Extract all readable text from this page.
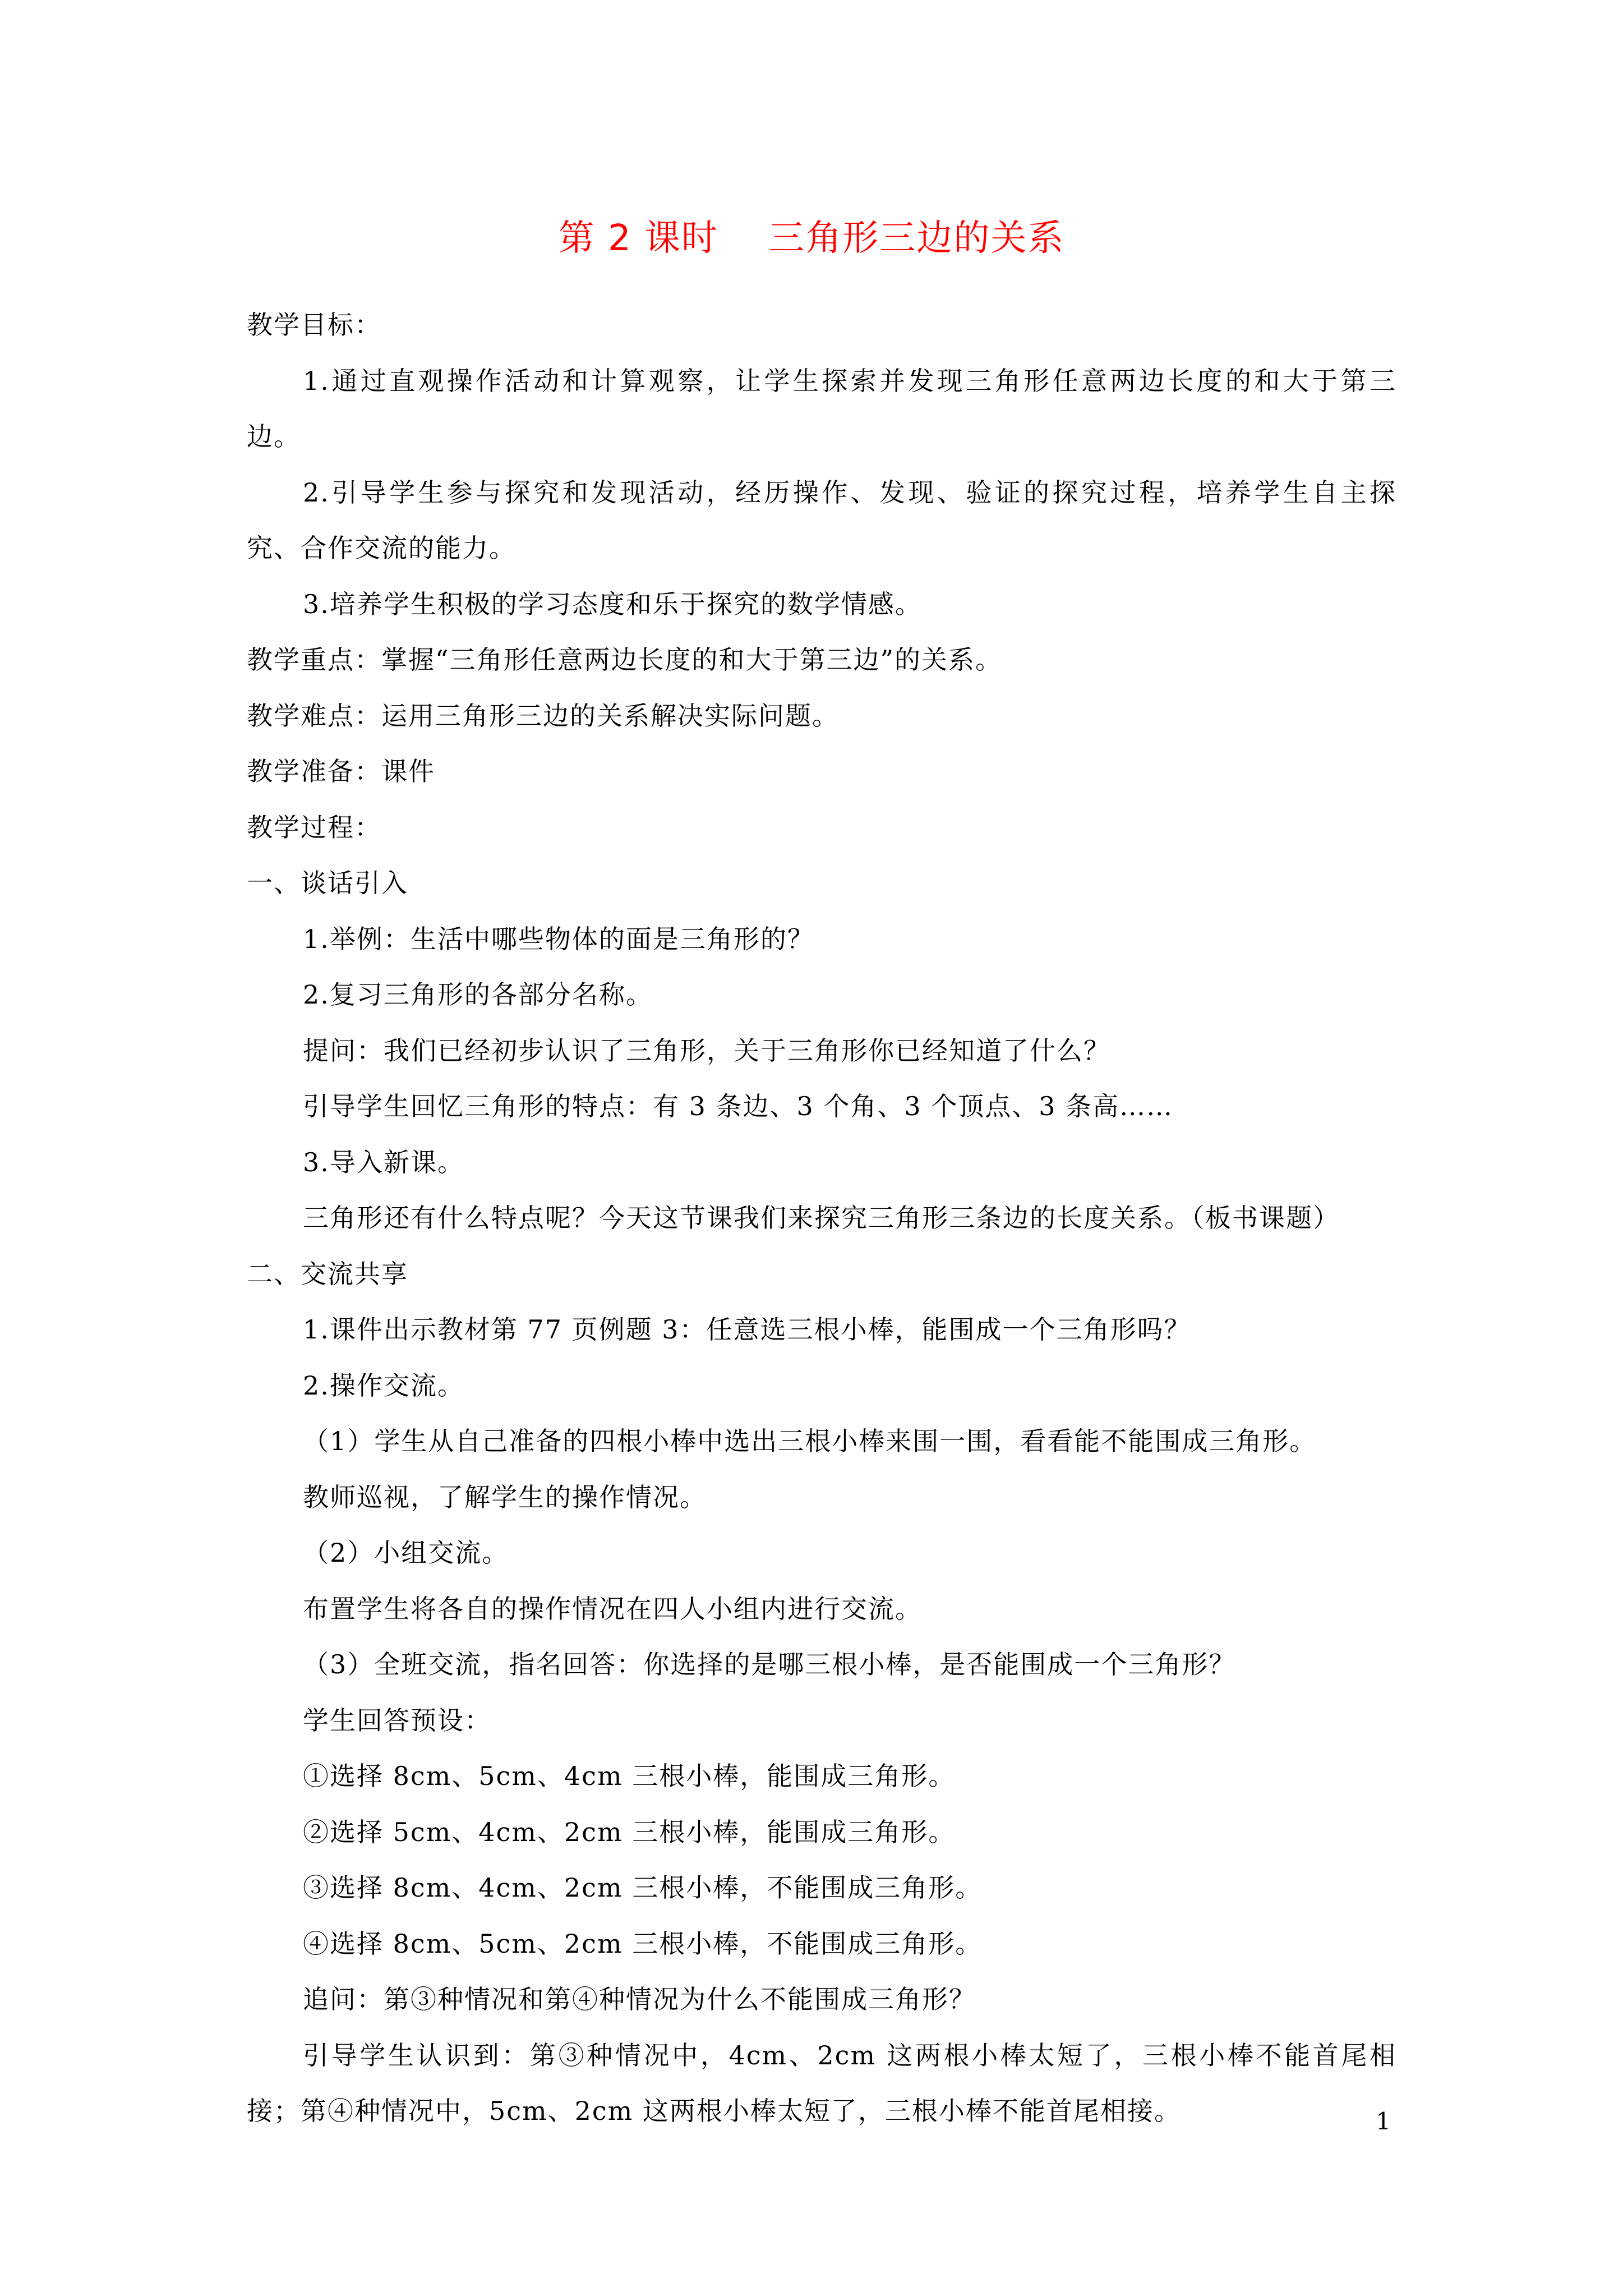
第 2 课时    三角形三边的关系
教学目标：
1.通过直观操作活动和计算观察，让学生探索并发现三角形任意两边长度的和大于第三
边。
2.引导学生参与探究和发现活动，经历操作、发现、验证的探究过程，培养学生自主探
究、合作交流的能力。
3.培养学生积极的学习态度和乐于探究的数学情感。
教学重点：掌握“三角形任意两边长度的和大于第三边”的关系。
教学难点：运用三角形三边的关系解决实际问题。
教学准备：课件
教学过程：
一、谈话引入
1.举例：生活中哪些物体的面是三角形的？
2.复习三角形的各部分名称。
提问：我们已经初步认识了三角形，关于三角形你已经知道了什么？
引导学生回忆三角形的特点：有 3 条边、3 个角、3 个顶点、3 条高……
3.导入新课。
三角形还有什么特点呢？今天这节课我们来探究三角形三条边的长度关系。（板书课题）
二、交流共享
1.课件出示教材第 77 页例题 3：任意选三根小棒，能围成一个三角形吗？
2.操作交流。
（1）学生从自己准备的四根小棒中选出三根小棒来围一围，看看能不能围成三角形。
教师巡视，了解学生的操作情况。
（2）小组交流。
布置学生将各自的操作情况在四人小组内进行交流。
（3）全班交流，指名回答：你选择的是哪三根小棒，是否能围成一个三角形？
学生回答预设：
①选择 8cm、5cm、4cm 三根小棒，能围成三角形。
②选择 5cm、4cm、2cm 三根小棒，能围成三角形。
③选择 8cm、4cm、2cm 三根小棒，不能围成三角形。
④选择 8cm、5cm、2cm 三根小棒，不能围成三角形。
追问：第③种情况和第④种情况为什么不能围成三角形？
引导学生认识到：第③种情况中，4cm、2cm 这两根小棒太短了，三根小棒不能首尾相
接；第④种情况中，5cm、2cm 这两根小棒太短了，三根小棒不能首尾相接。	1
